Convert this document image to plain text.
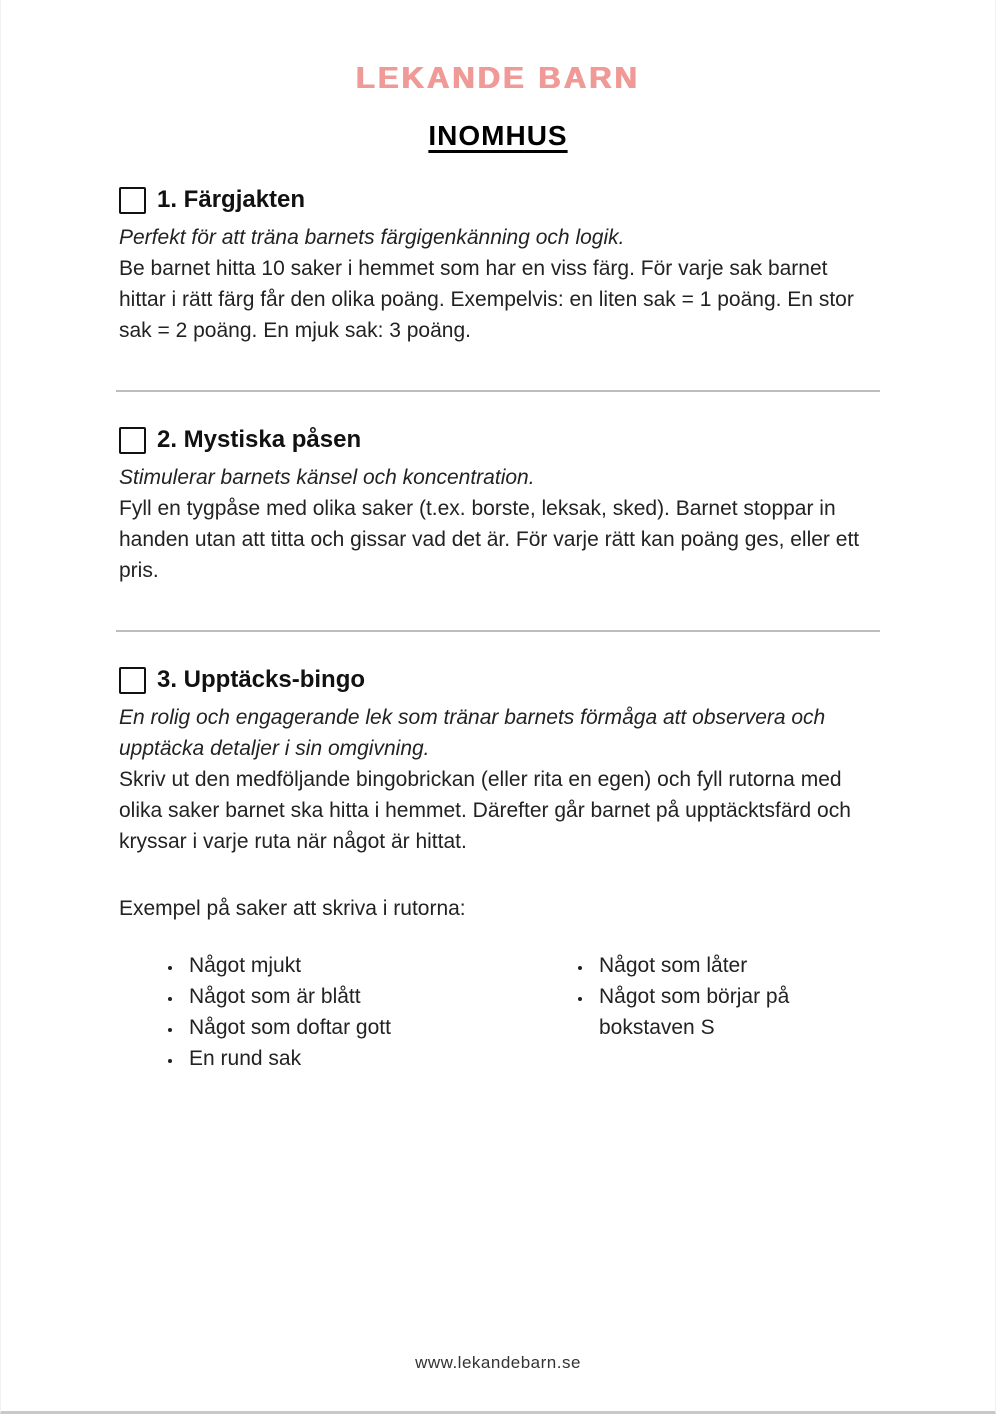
LEKANDE BARN
INOMHUS
1. Färgjakten
Perfekt för att träna barnets färgigenkänning och logik.
Be barnet hitta 10 saker i hemmet som har en viss färg. För varje sak barnet hittar i rätt färg får den olika poäng. Exempelvis: en liten sak = 1 poäng. En stor sak = 2 poäng. En mjuk sak: 3 poäng.
2. Mystiska påsen
Stimulerar barnets känsel och koncentration.
Fyll en tygpåse med olika saker (t.ex. borste, leksak, sked). Barnet stoppar in handen utan att titta och gissar vad det är. För varje rätt kan poäng ges, eller ett pris.
3. Upptäcks-bingo
En rolig och engagerande lek som tränar barnets förmåga att observera och upptäcka detaljer i sin omgivning.
Skriv ut den medföljande bingobrickan (eller rita en egen) och fyll rutorna med olika saker barnet ska hitta i hemmet. Därefter går barnet på upptäcktsfärd och kryssar i varje ruta när något är hittat.
Exempel på saker att skriva i rutorna:
• Något mjukt
• Något som är blått
• Något som doftar gott
• En rund sak
• Något som låter
• Något som börjar på bokstaven S
www.lekandebarn.se
